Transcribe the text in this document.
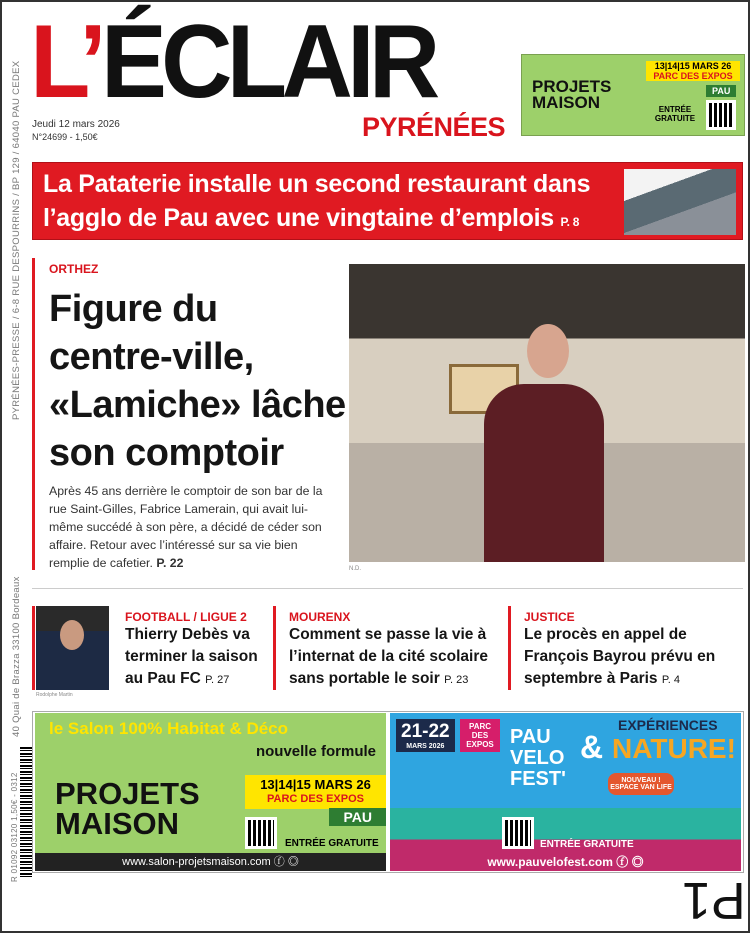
L’ÉCLAIR
PYRÉNÉES
Jeudi 12 mars 2026
N°24699 - 1,50€
PYRÉNÉES-PRESSE / 6-8 RUE DESPOURRINS / BP 129 / 64040 PAU CEDEX
40 Quai de Brazza 33100 Bordeaux
R 01092 03120 1,50€ - 0312
PROJETS
MAISON
13|14|15 MARS 26
PARC DES EXPOS
PAU
ENTRÉE GRATUITE
La Pataterie installe un second restaurant dans l’agglo de Pau avec une vingtaine d’emplois P. 8
ORTHEZ
Figure du centre-ville, «Lamiche» lâche son comptoir
Après 45 ans derrière le comptoir de son bar de la rue Saint-Gilles, Fabrice Lamerain, qui avait lui-même succédé à son père, a décidé de céder son affaire. Retour avec l’intéressé sur sa vie bien remplie de cafetier. P. 22	N.D.
Rodolphe Martin
FOOTBALL / LIGUE 2
Thierry Debès va terminer la saison au Pau FC P. 27
MOURENX
Comment se passe la vie à l’internat de la cité scolaire sans portable le soir P. 23
JUSTICE
Le procès en appel de François Bayrou prévu en septembre à Paris P. 4
le Salon 100% Habitat & Déco
nouvelle formule
PROJETS
MAISON
13|14|15 MARS 26
PARC DES EXPOS
PAU
ENTRÉE GRATUITE
www.salon-projetsmaison.com ⓕ ◎
21-22
MARS 2026
PARC DES EXPOS PAU VELO FEST'
&
EXPÉRIENCES
NATURE!
NOUVEAU ! ESPACE VAN LIFE
ENTRÉE GRATUITE
www.pauvelofest.com ⓕ ◎
P1
